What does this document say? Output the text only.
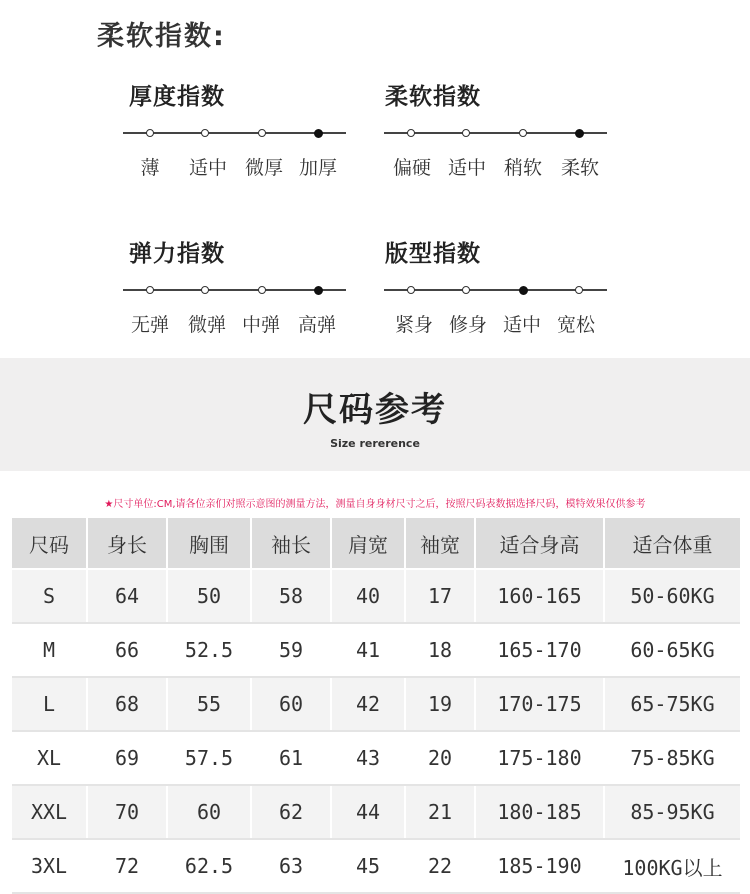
柔软指数:
厚度指数	柔软指数
弹力指数	版型指数
尺码参考
Size rererence
★尺寸单位:CM,请各位亲们对照示意图的测量方法，测量自身身材尺寸之后，按照尺码表数据选择尺码，模特效果仅供参考
尺码	身长	胸围	袖长	肩宽	袖宽	适合身高	适合体重
S	64	50	58	40	17	160-165	50-60KG
M	66	52.5	59	41	18	165-170	60-65KG
L	68	55	60	42	19	170-175	65-75KG
XL	69	57.5	61	43	20	175-180	75-85KG
XXL	70	60	62	44	21	180-185	85-95KG
3XL	72	62.5	63	45	22	185-190	100KG以上
薄	适中 微厚 加厚	偏硬 适中 稍软 柔软
无弹 微弹 中弹 高弹	紧身 修身 适中 宽松
